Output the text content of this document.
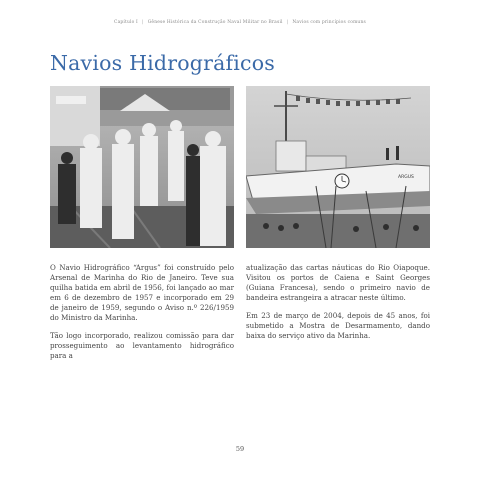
Capítulo I | Gênese Histórica da Construção Naval Militar no Brasil | Navios com princípios comuns
Navios Hidrográficos
ARGUS

O Navio Hidrográfico “Argus” foi construído pelo Arsenal de Marinha do Rio de Janeiro. Teve sua quilha batida em abril de 1956, foi lançado ao mar em 6 de dezembro de 1957 e incorporado em 29 de janeiro de 1959, segundo o Aviso n.º 226/1959 do Ministro da Marinha.

Tão logo incorporado, realizou comissão para dar prosseguimento ao levantamento hidrográfico para a

atualização das cartas náuticas do Rio Oiapoque. Visitou os portos de Caiena e Saint Georges (Guiana Francesa), sendo o primeiro navio de bandeira estrangeira a atracar neste último.

Em 23 de março de 2004, depois de 45 anos, foi submetido a Mostra de Desarmamento, dando baixa do serviço ativo da Marinha.

59
